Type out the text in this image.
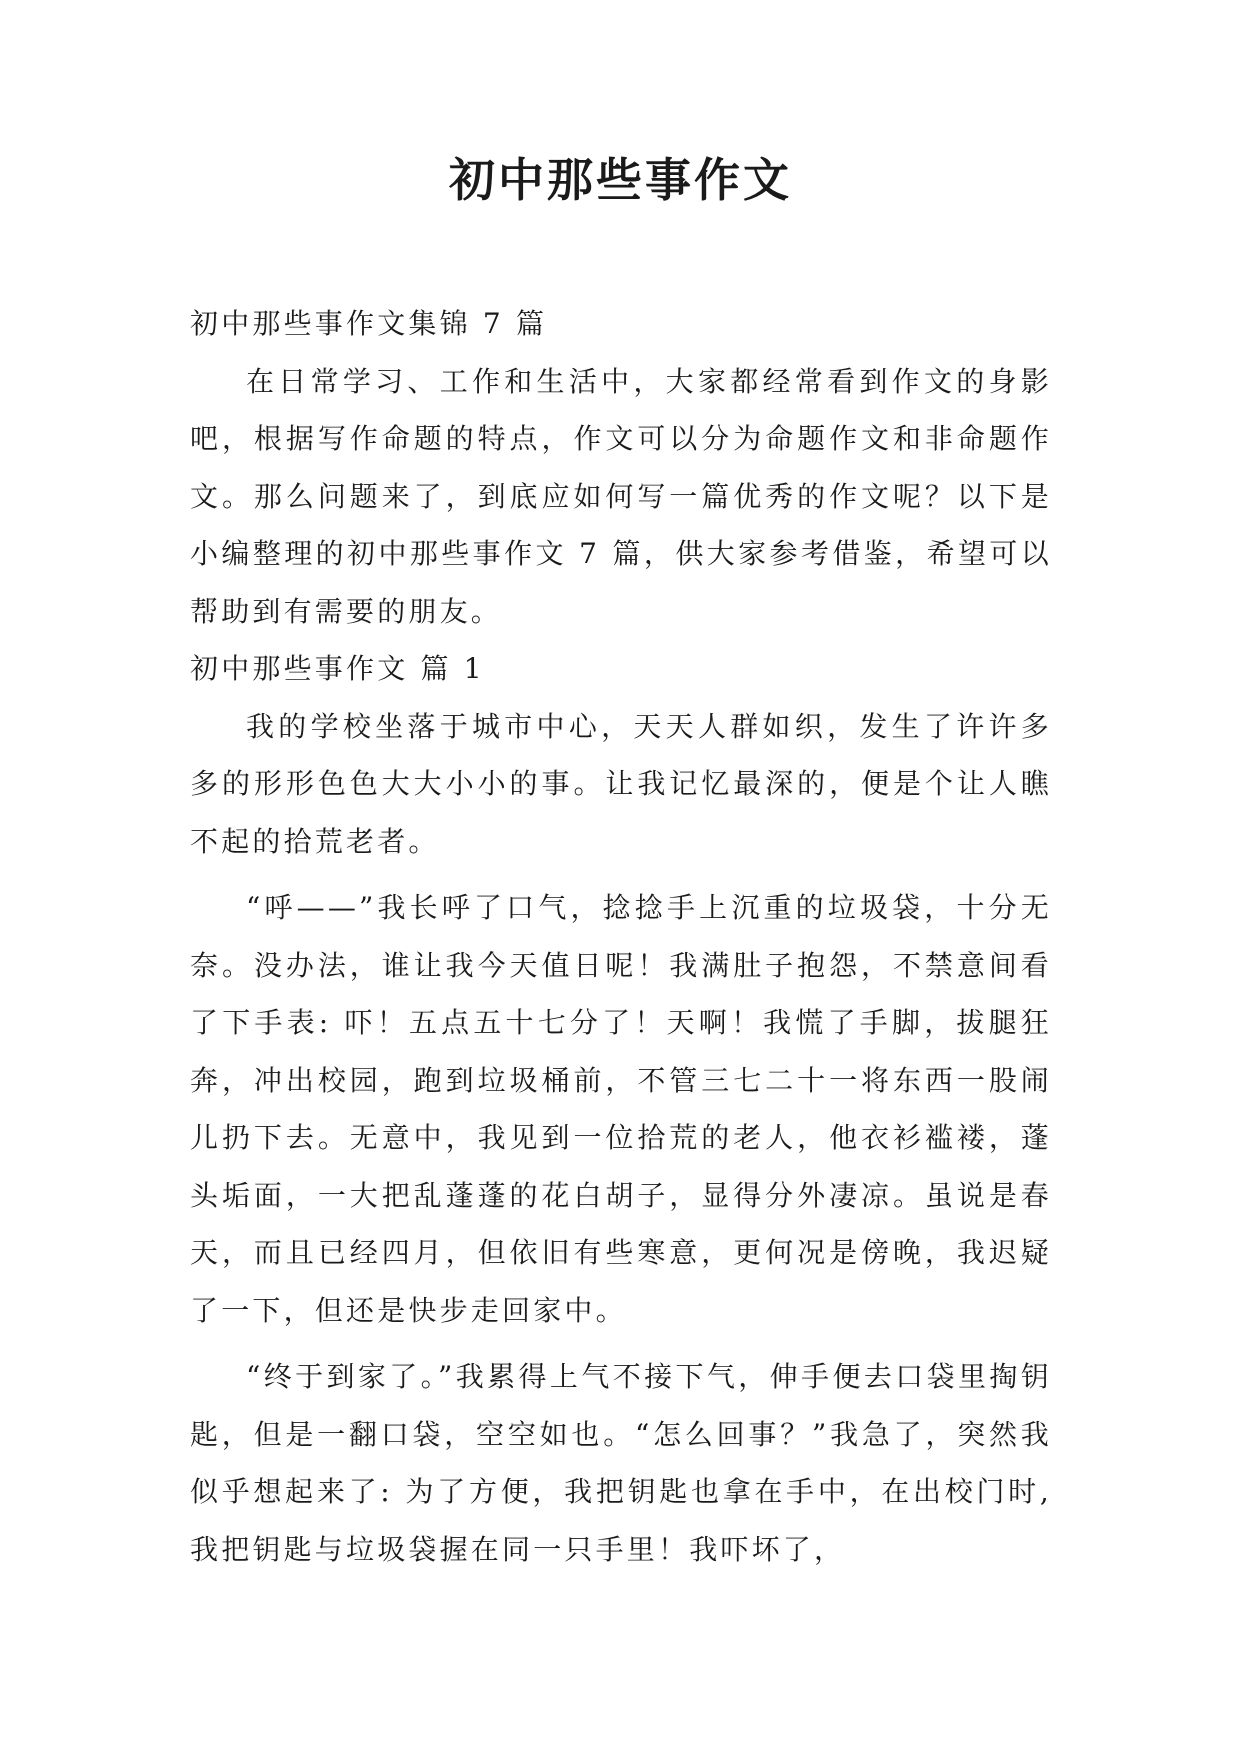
初中那些事作文

初中那些事作文集锦 7 篇

在日常学习、工作和生活中，大家都经常看到作文的身影吧，根据写作命题的特点，作文可以分为命题作文和非命题作文。那么问题来了，到底应如何写一篇优秀的作文呢？以下是小编整理的初中那些事作文 7 篇，供大家参考借鉴，希望可以帮助到有需要的朋友。

初中那些事作文 篇 1

我的学校坐落于城市中心，天天人群如织，发生了许许多多的形形色色大大小小的事。让我记忆最深的，便是个让人瞧不起的拾荒老者。

“呼——”我长呼了口气，捻捻手上沉重的垃圾袋，十分无奈。没办法，谁让我今天值日呢！我满肚子抱怨，不禁意间看了下手表: 吓！五点五十七分了！天啊！我慌了手脚，拔腿狂奔，冲出校园，跑到垃圾桶前，不管三七二十一将东西一股闹儿扔下去。无意中，我见到一位拾荒的老人，他衣衫褴褛，蓬头垢面，一大把乱蓬蓬的花白胡子，显得分外凄凉。虽说是春天，而且已经四月，但依旧有些寒意，更何况是傍晚，我迟疑了一下，但还是快步走回家中。

“终于到家了。”我累得上气不接下气，伸手便去口袋里掏钥匙，但是一翻口袋，空空如也。“怎么回事？”我急了，突然我似乎想起来了: 为了方便，我把钥匙也拿在手中，在出校门时,我把钥匙与垃圾袋握在同一只手里！我吓坏了，
